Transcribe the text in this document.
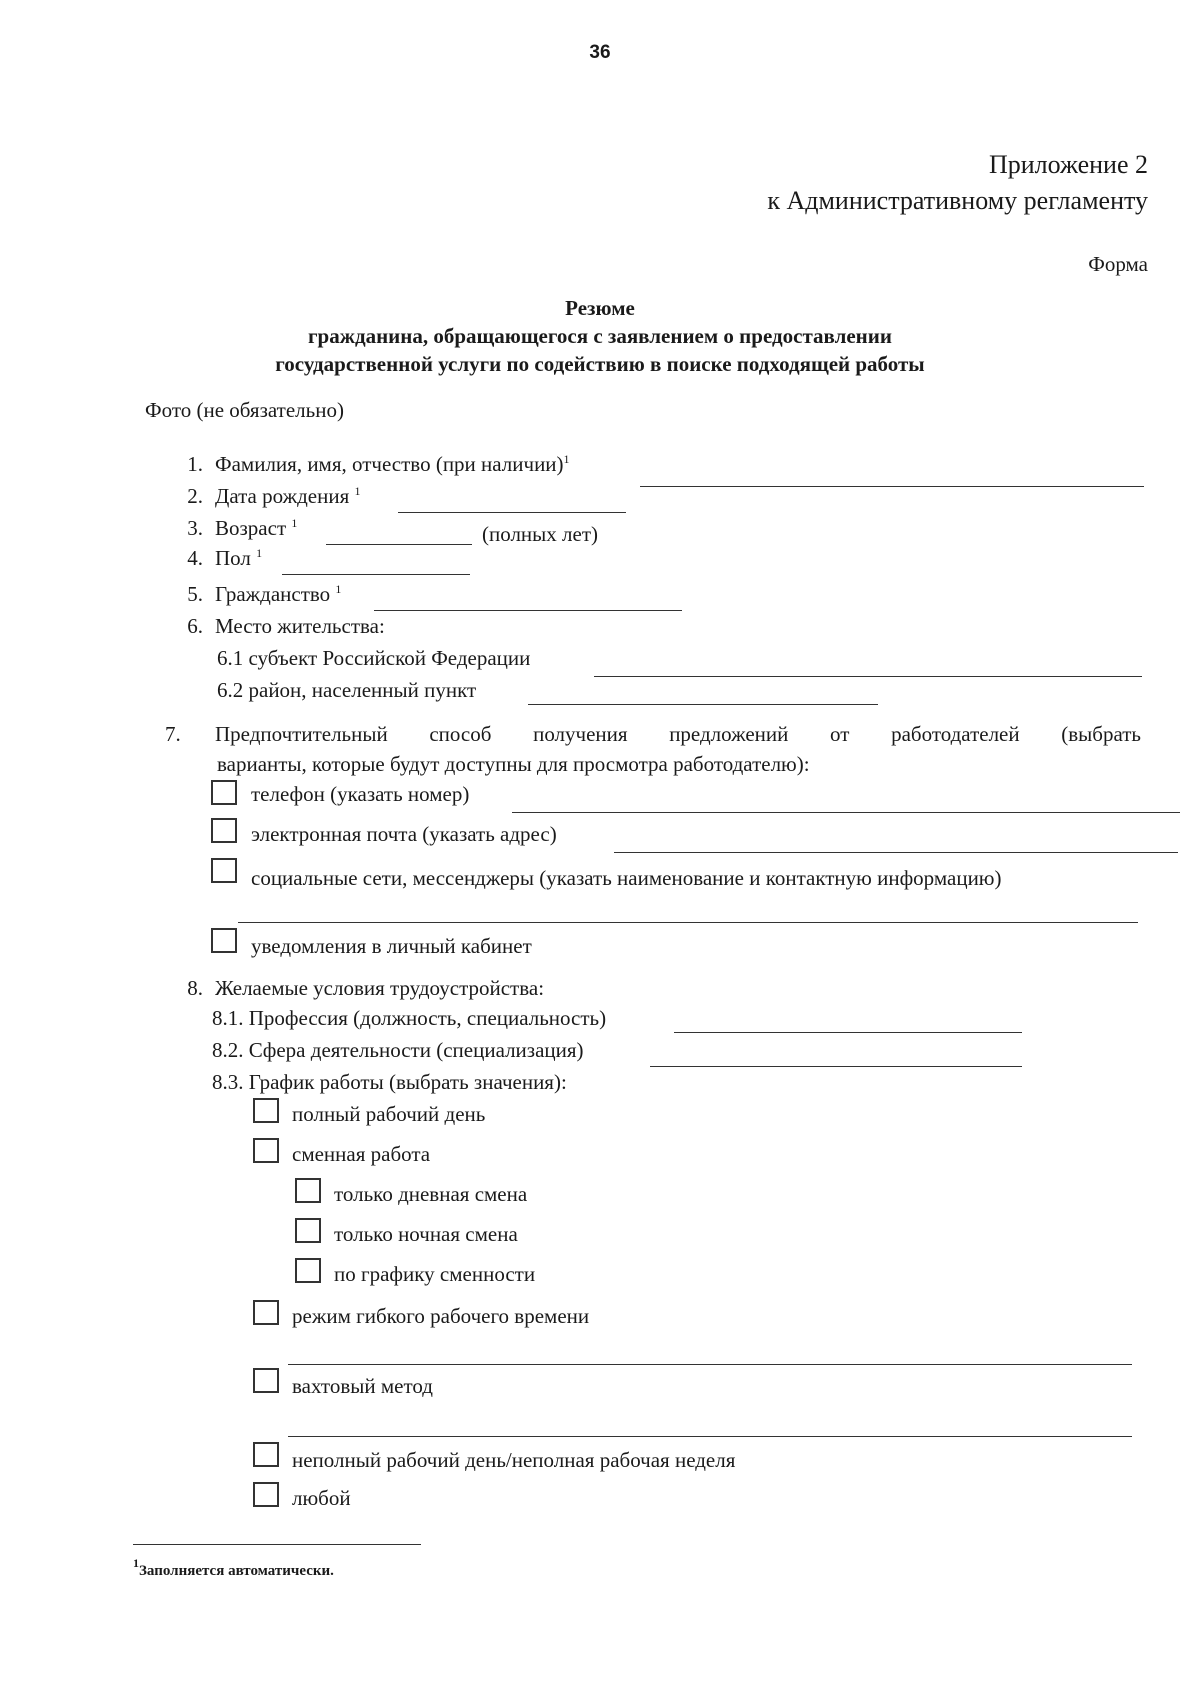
36
Приложение 2
к Административному регламенту
Форма
Резюме
гражданина, обращающегося с заявлением о предоставлении
государственной услуги по содействию в поиске подходящей работы
Фото (не обязательно)
1. Фамилия, имя, отчество (при наличии)$^1$
2. Дата рождения $^1$
3. Возраст $^1$	(полных лет)
4. Пол $^1$
5. Гражданство $^1$
6. Место жительства:
6.1 субъект Российской Федерации
6.2 район, населенный пункт
7. Предпочтительный способ получения предложений от работодателей (выбрать
варианты, которые будут доступны для просмотра работодателю):
телефон (указать номер)
электронная почта (указать адрес)
социальные сети, мессенджеры (указать наименование и контактную информацию)
уведомления в личный кабинет
8. Желаемые условия трудоустройства:
8.1. Профессия (должность, специальность)
8.2. Сфера деятельности (специализация)
8.3. График работы (выбрать значения):
полный рабочий день
сменная работа
только дневная смена
только ночная смена
по графику сменности
режим гибкого рабочего времени
вахтовый метод
неполный рабочий день/неполная рабочая неделя
любой
$^1$Заполняется автоматически.
